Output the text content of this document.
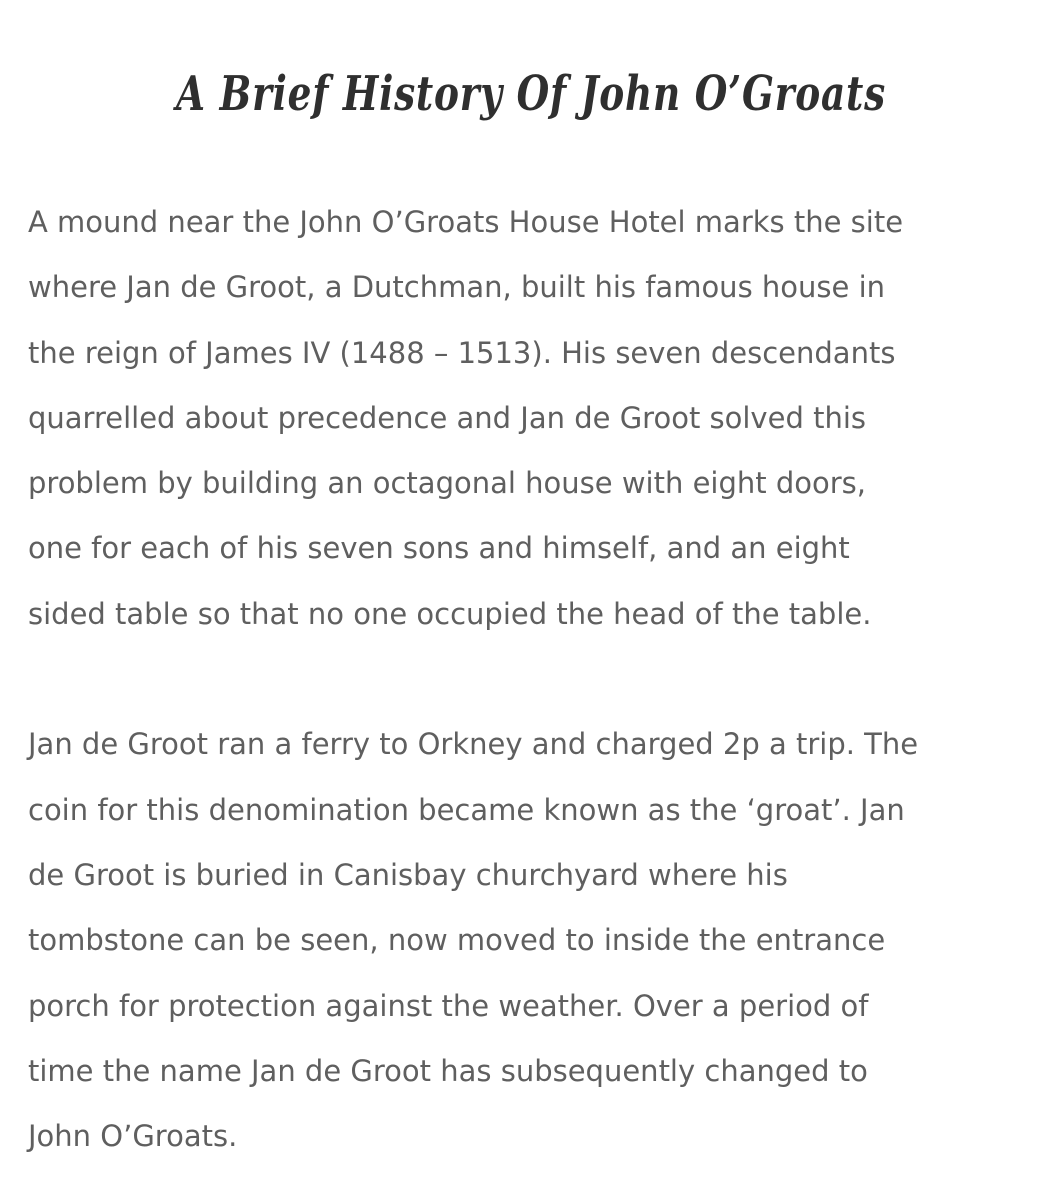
A Brief History Of John O’Groats
A mound near the John O’Groats House Hotel marks the site
where Jan de Groot, a Dutchman, built his famous house in
the reign of James IV (1488 – 1513). His seven descendants
quarrelled about precedence and Jan de Groot solved this
problem by building an octagonal house with eight doors,
one for each of his seven sons and himself, and an eight
sided table so that no one occupied the head of the table.
Jan de Groot ran a ferry to Orkney and charged 2p a trip. The
coin for this denomination became known as the ‘groat’. Jan
de Groot is buried in Canisbay churchyard where his
tombstone can be seen, now moved to inside the entrance
porch for protection against the weather. Over a period of
time the name Jan de Groot has subsequently changed to
John O’Groats.
